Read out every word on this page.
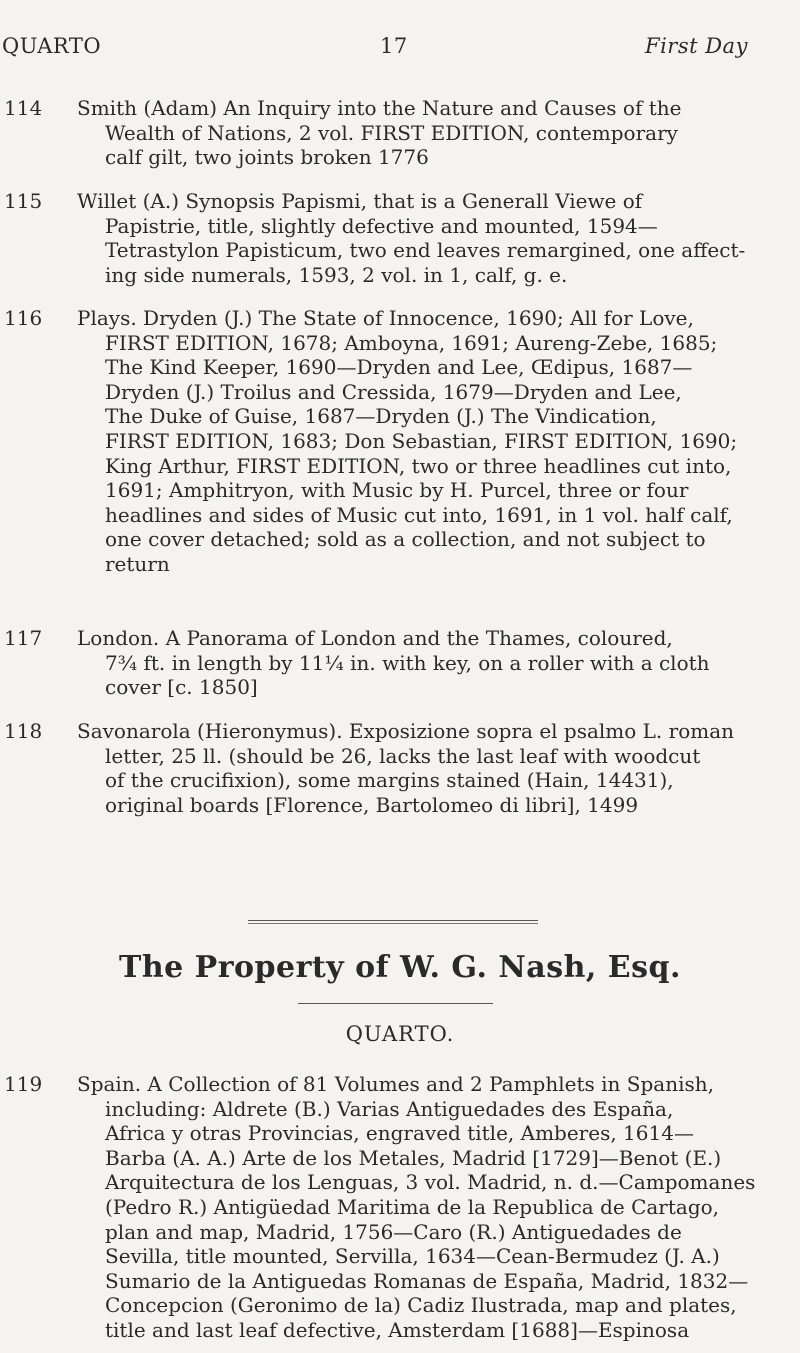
QUARTO	17	First Day
114	Smith (Adam) An Inquiry into the Nature and Causes of the
Wealth of Nations, 2 vol. FIRST EDITION, contemporary
calf gilt, two joints broken 1776
115	Willet (A.) Synopsis Papismi, that is a Generall Viewe of
Papistrie, title, slightly defective and mounted, 1594—
Tetrastylon Papisticum, two end leaves remargined, one affect-
ing side numerals, 1593, 2 vol. in 1, calf, g. e.
116	Plays. Dryden (J.) The State of Innocence, 1690; All for Love,
FIRST EDITION, 1678; Amboyna, 1691; Aureng-Zebe, 1685;
The Kind Keeper, 1690—Dryden and Lee, Œdipus, 1687—
Dryden (J.) Troilus and Cressida, 1679—Dryden and Lee,
The Duke of Guise, 1687—Dryden (J.) The Vindication,
FIRST EDITION, 1683; Don Sebastian, FIRST EDITION, 1690;
King Arthur, FIRST EDITION, two or three headlines cut into,
1691; Amphitryon, with Music by H. Purcel, three or four
headlines and sides of Music cut into, 1691, in 1 vol. half calf,
one cover detached; sold as a collection, and not subject to
return
117	London. A Panorama of London and the Thames, coloured,
7¾ ft. in length by 11¼ in. with key, on a roller with a cloth
cover [c. 1850]
118	Savonarola (Hieronymus). Exposizione sopra el psalmo L. roman
letter, 25 ll. (should be 26, lacks the last leaf with woodcut
of the crucifixion), some margins stained (Hain, 14431),
original boards [Florence, Bartolomeo di libri], 1499
The Property of W. G. Nash, Esq.
QUARTO.
119	Spain. A Collection of 81 Volumes and 2 Pamphlets in Spanish,
including: Aldrete (B.) Varias Antiguedades des España,
Africa y otras Provincias, engraved title, Amberes, 1614—
Barba (A. A.) Arte de los Metales, Madrid [1729]—Benot (E.)
Arquitectura de los Lenguas, 3 vol. Madrid, n. d.—Campomanes
(Pedro R.) Antigüedad Maritima de la Republica de Cartago,
plan and map, Madrid, 1756—Caro (R.) Antiguedades de
Sevilla, title mounted, Servilla, 1634—Cean-Bermudez (J. A.)
Sumario de la Antiguedas Romanas de España, Madrid, 1832—
Concepcion (Geronimo de la) Cadiz Ilustrada, map and plates,
title and last leaf defective, Amsterdam [1688]—Espinosa
